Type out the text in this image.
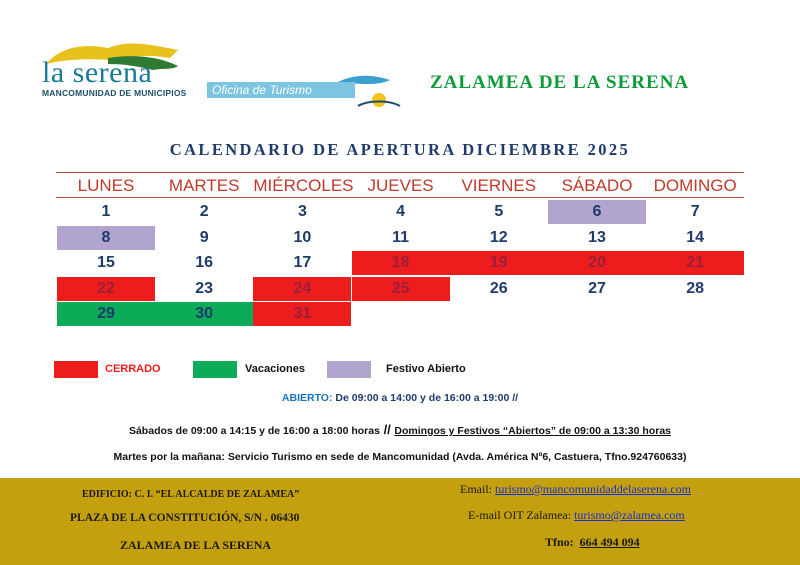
la serena
MANCOMUNIDAD DE MUNICIPIOS Oficina de Turismo	ZALAMEA DE LA SERENA
CALENDARIO DE APERTURA DICIEMBRE 2025
LUNES	MARTES MIÉRCOLES JUEVES	VIERNES	SÁBADO	DOMINGO
1	2	3	4	5	6	7
8	9	10	11	12	13	14
15	16	17	18	19	20	21
22	23	24	25	26	27	28
29	30	31
CERRADO	Vacaciones	Festivo Abierto
ABIERTO: De 09:00 a 14:00 y de 16:00 a 19:00 //
Sábados de 09:00 a 14:15 y de 16:00 a 18:00 horas // Domingos y Festivos “Abiertos” de 09:00 a 13:30 horas
Martes por la mañana: Servicio Turismo en sede de Mancomunidad (Avda. América Nº6, Castuera, Tfno.924760633)
EDIFICIO: C. I. “EL ALCALDE DE ZALAMEA”
PLAZA DE LA CONSTITUCIÓN, S/N . 06430
ZALAMEA DE LA SERENA
Email: turismo@mancomunidaddelaserena.com
E-mail OIT Zalamea: turismo@zalamea.com
Tfno: 664 494 094
